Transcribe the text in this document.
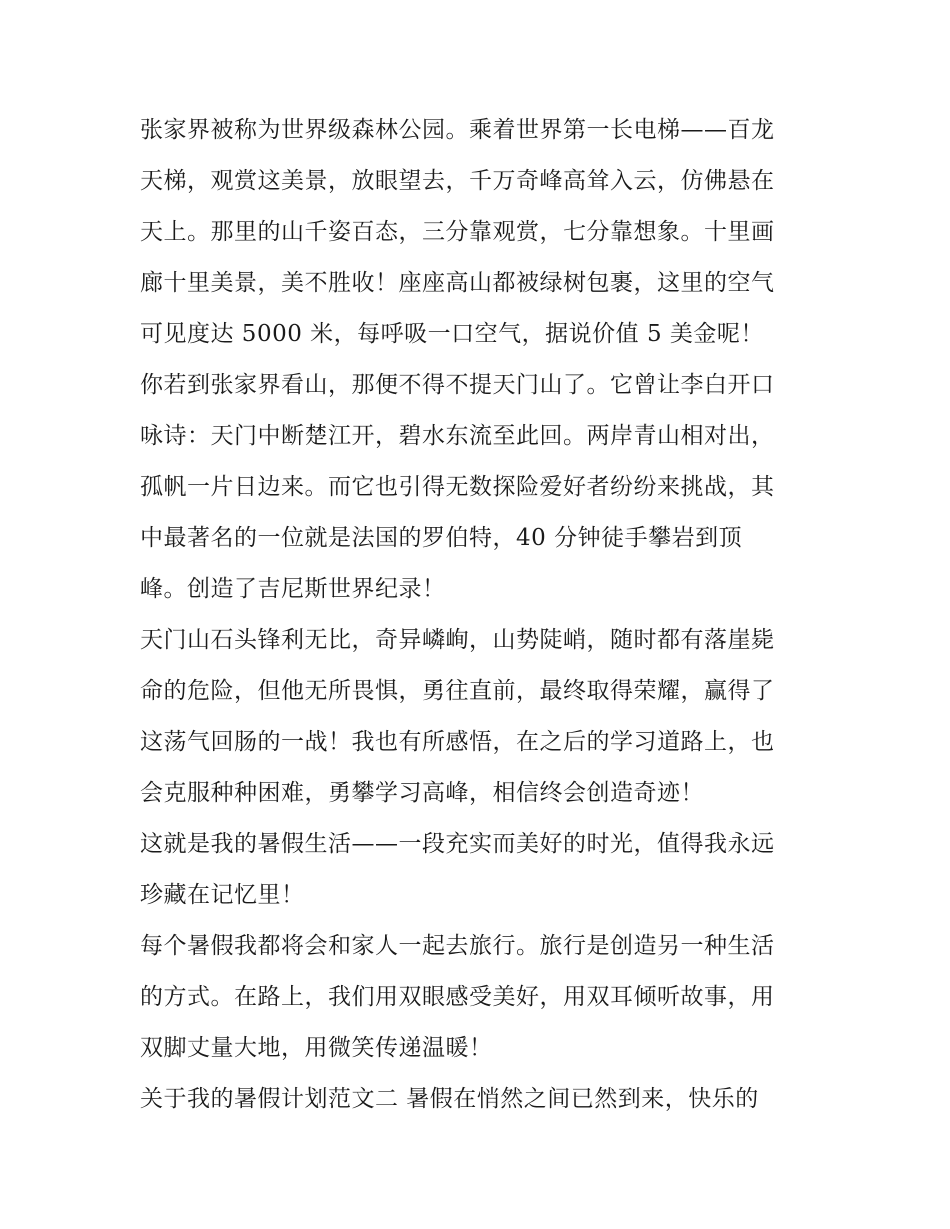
张家界被称为世界级森林公园。乘着世界第一长电梯——百龙
天梯，观赏这美景，放眼望去，千万奇峰高耸入云，仿佛悬在
天上。那里的山千姿百态，三分靠观赏，七分靠想象。十里画
廊十里美景，美不胜收！座座高山都被绿树包裹，这里的空气
可见度达 5000 米，每呼吸一口空气，据说价值 5 美金呢！
你若到张家界看山，那便不得不提天门山了。它曾让李白开口
咏诗：天门中断楚江开，碧水东流至此回。两岸青山相对出，
孤帆一片日边来。而它也引得无数探险爱好者纷纷来挑战，其
中最著名的一位就是法国的罗伯特，40 分钟徒手攀岩到顶
峰。创造了吉尼斯世界纪录！
天门山石头锋利无比，奇异嶙峋，山势陡峭，随时都有落崖毙
命的危险，但他无所畏惧，勇往直前，最终取得荣耀，赢得了
这荡气回肠的一战！我也有所感悟，在之后的学习道路上，也
会克服种种困难，勇攀学习高峰，相信终会创造奇迹！
这就是我的暑假生活——一段充实而美好的时光，值得我永远
珍藏在记忆里！
每个暑假我都将会和家人一起去旅行。旅行是创造另一种生活
的方式。在路上，我们用双眼感受美好，用双耳倾听故事，用
双脚丈量大地，用微笑传递温暖！
关于我的暑假计划范文二 暑假在悄然之间已然到来，快乐的
